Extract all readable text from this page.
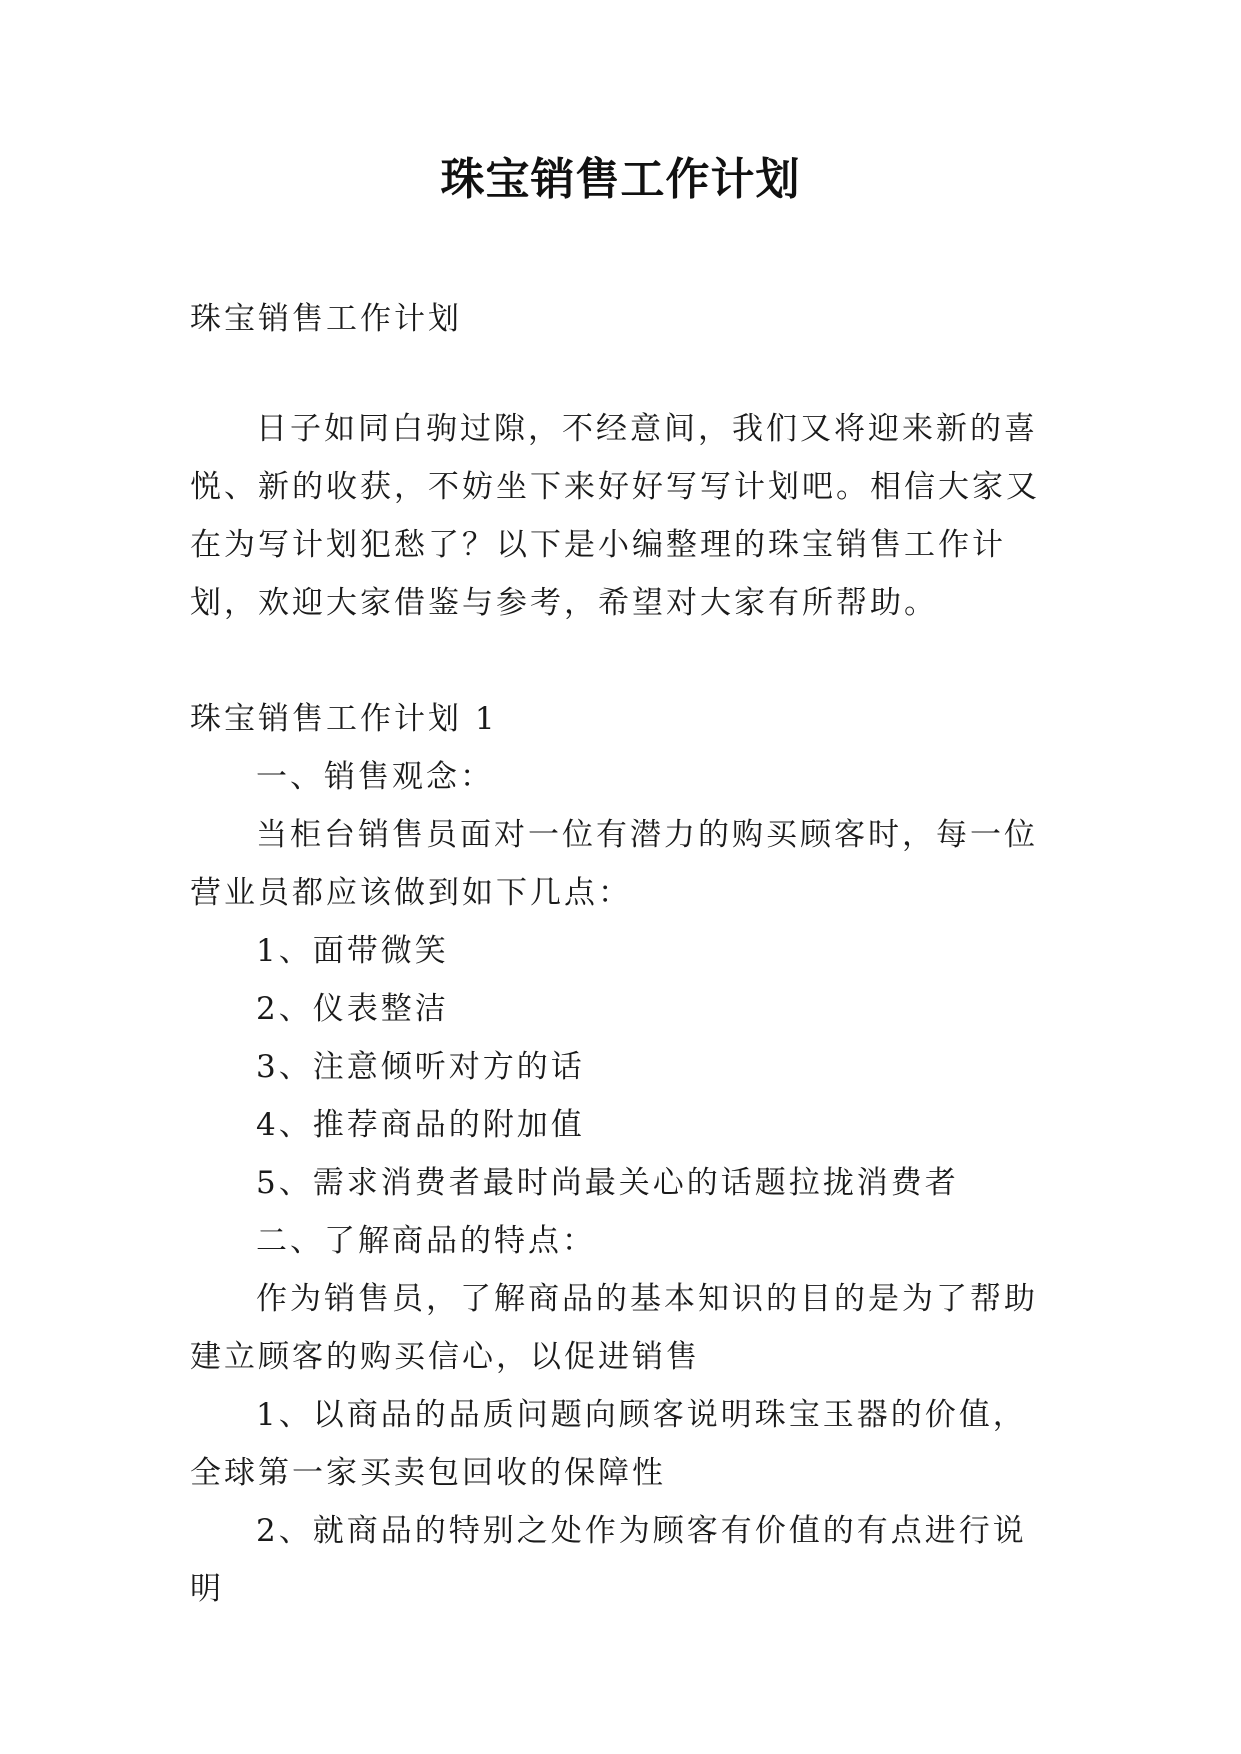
珠宝销售工作计划

珠宝销售工作计划

日子如同白驹过隙，不经意间，我们又将迎来新的喜悦、新的收获，不妨坐下来好好写写计划吧。相信大家又在为写计划犯愁了？以下是小编整理的珠宝销售工作计划，欢迎大家借鉴与参考，希望对大家有所帮助。

珠宝销售工作计划 1

一、销售观念：

当柜台销售员面对一位有潜力的购买顾客时，每一位营业员都应该做到如下几点：

1、面带微笑

2、仪表整洁

3、注意倾听对方的话

4、推荐商品的附加值

5、需求消费者最时尚最关心的话题拉拢消费者

二、了解商品的特点：

作为销售员，了解商品的基本知识的目的是为了帮助建立顾客的购买信心，以促进销售

1、以商品的品质问题向顾客说明珠宝玉器的价值，全球第一家买卖包回收的保障性

2、就商品的特别之处作为顾客有价值的有点进行说明
